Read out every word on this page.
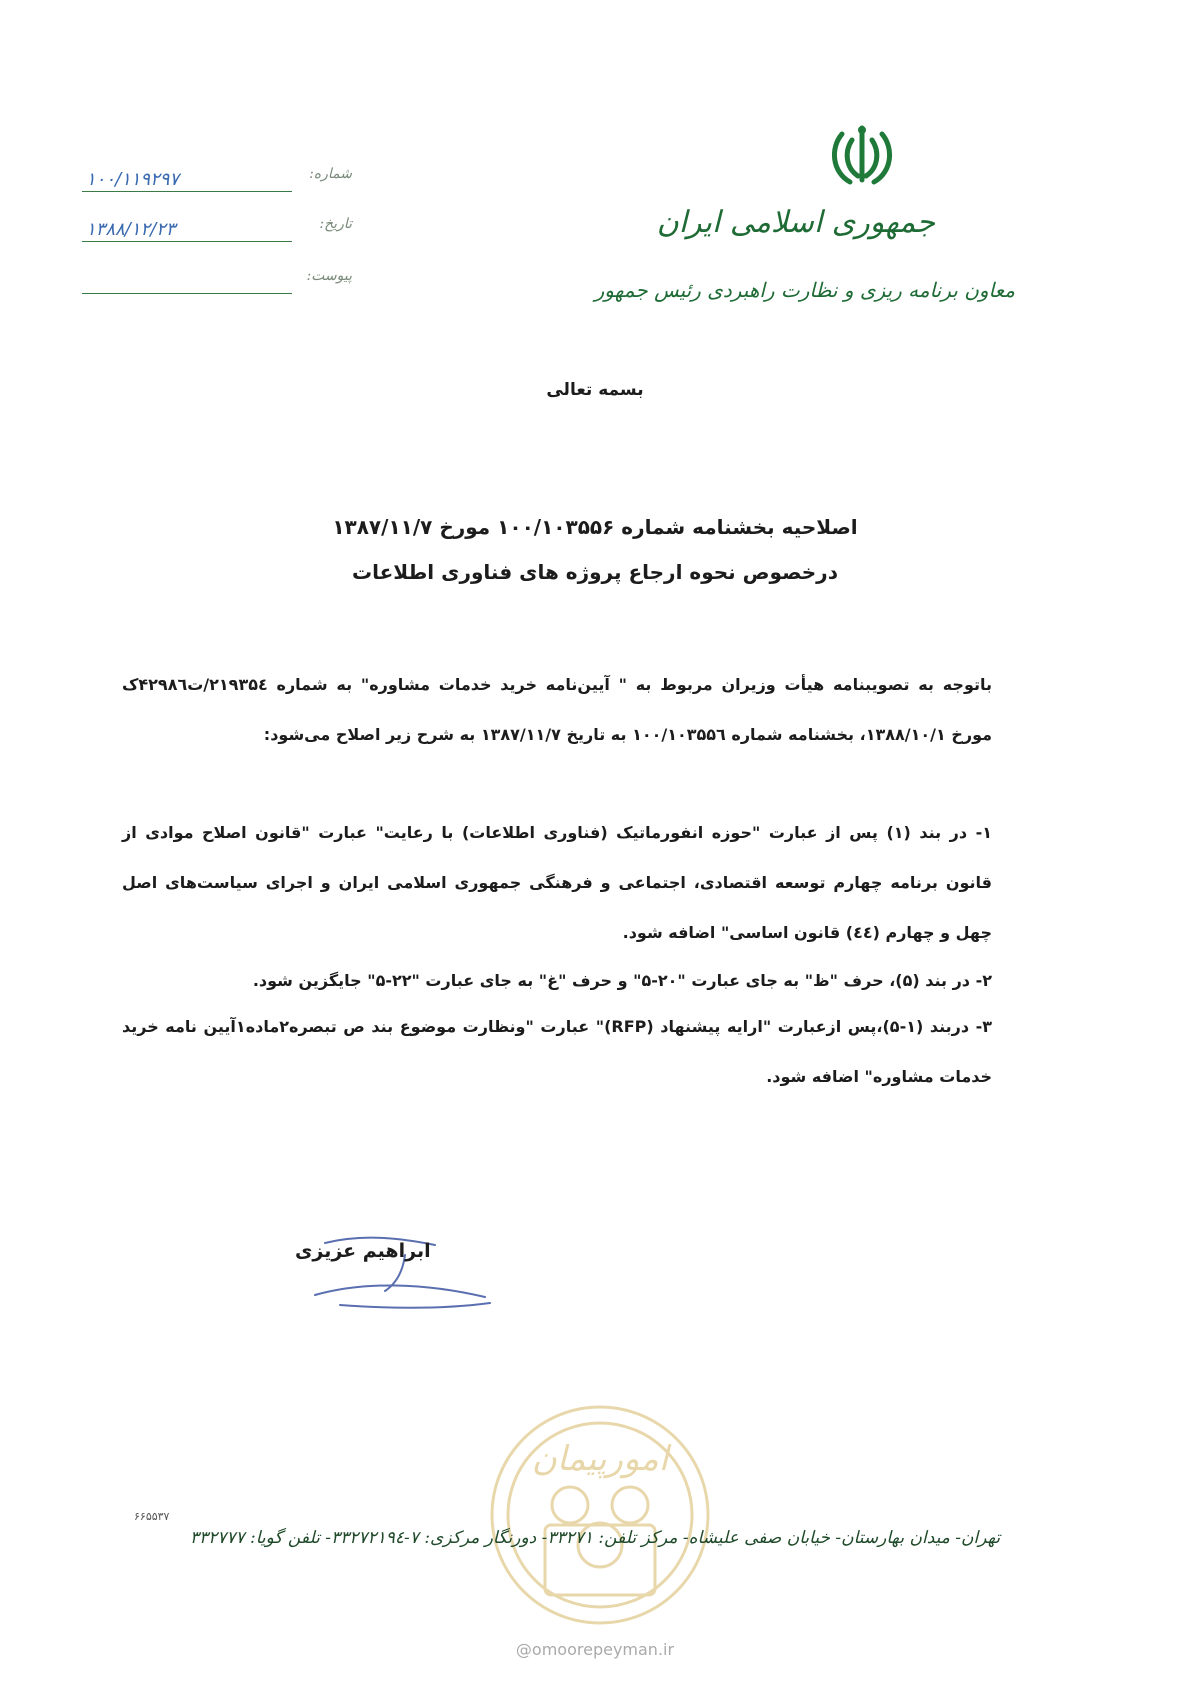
جمهوری اسلامی ایران
معاون برنامه ریزی و نظارت راهبردی رئیس جمهور
شماره:
۱۰۰/۱۱۹۲۹۷
تاریخ:
۱۳۸۸/۱۲/۲۳
پیوست:
بسمه تعالی
اصلاحیه بخشنامه شماره ۱۰۰/۱۰۳۵۵۶ مورخ ۱۳۸۷/۱۱/۷
درخصوص نحوه ارجاع پروژه های فناوری اطلاعات
باتوجه به تصویبنامه هیأت وزیران مربوط به " آیین‌نامه خرید خدمات مشاوره" به شماره ۲۱۹۳۵٤/ت۴۲۹۸٦ک مورخ ۱۳۸۸/۱۰/۱، بخشنامه شماره ۱۰۰/۱۰۳۵۵٦ به تاریخ ۱۳۸۷/۱۱/۷ به شرح زیر اصلاح می‌شود:
۱- در بند (۱) پس از عبارت "حوزه انفورماتیک (فناوری اطلاعات) با رعایت" عبارت "قانون اصلاح موادی از قانون برنامه چهارم توسعه اقتصادی، اجتماعی و فرهنگی جمهوری اسلامی ایران و اجرای سیاست‌های اصل چهل و چهارم (٤٤) قانون اساسی" اضافه شود.
۲- در بند (۵)، حرف "ظ" به جای عبارت "۲۰-۵" و حرف "غ" به جای عبارت "۲۲-۵" جایگزین شود.
۳- دربند (۱-۵)،پس ازعبارت "ارایه پیشنهاد (RFP)" عبارت "ونظارت موضوع بند ص تبصره۲ماده۱آیین نامه خرید خدمات مشاوره" اضافه شود.
ابراهیم عزیزی
امورپیمان
۶۶۵۵۳۷
تهران- میدان بهارستان- خیابان صفی علیشاه- مرکز تلفن: ۳۳۲۷۱- دورنگار مرکزی: ۷-۳۳۲۷۲۱۹٤- تلفن گویا: ۳۳۲۷۷۷
@omoorepeyman.ir
